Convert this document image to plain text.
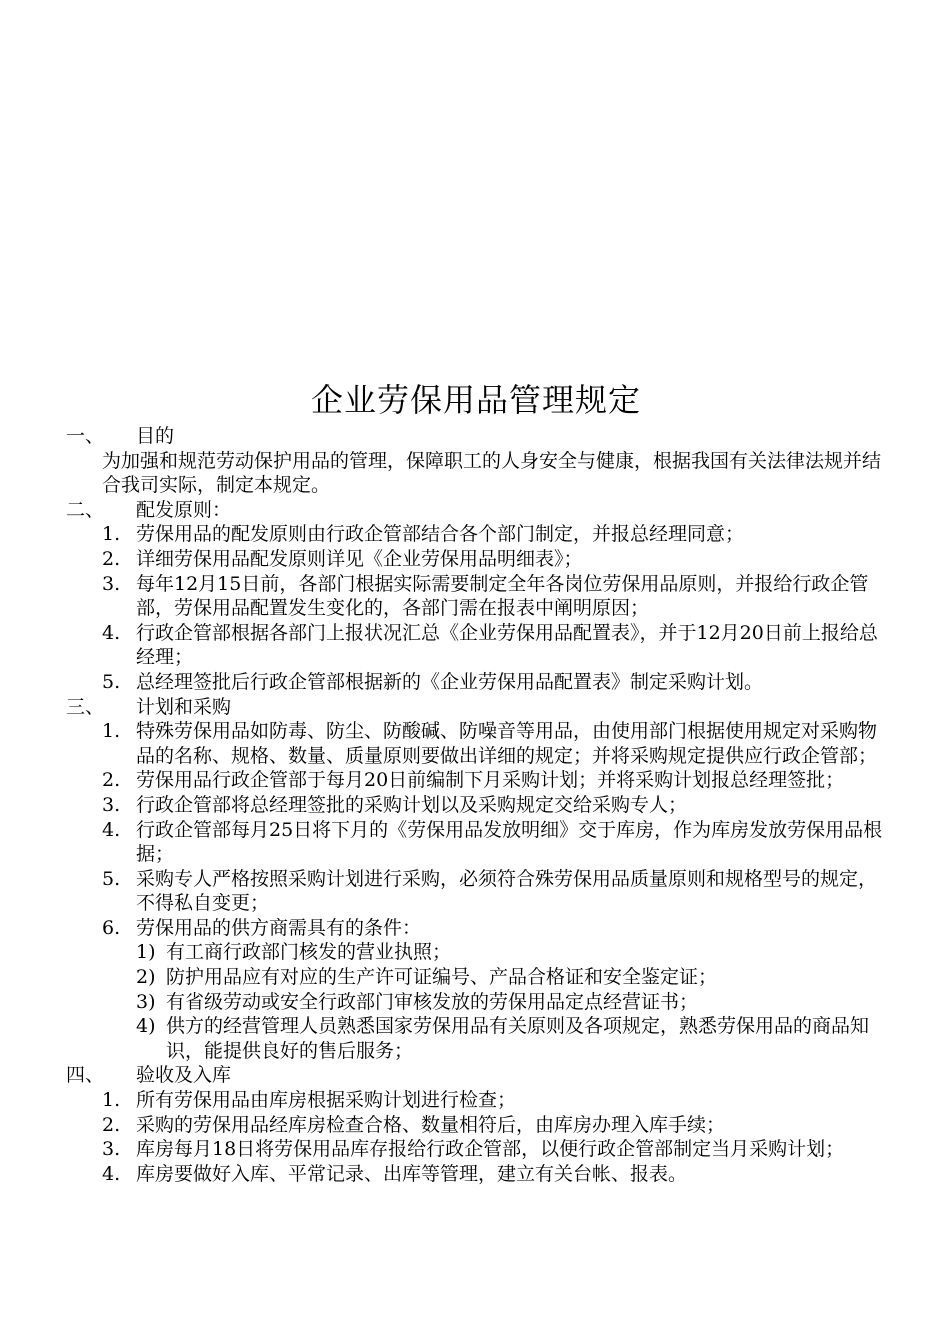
企业劳保用品管理规定
一、	目的
为加强和规范劳动保护用品的管理，保障职工的人身安全与健康，根据我国有关法律法规并结合我司实际，制定本规定。
二、	配发原则：
1. 劳保用品的配发原则由行政企管部结合各个部门制定，并报总经理同意；
2. 详细劳保用品配发原则详见《企业劳保用品明细表》；
3. 每年12月15日前，各部门根据实际需要制定全年各岗位劳保用品原则，并报给行政企管部，劳保用品配置发生变化的，各部门需在报表中阐明原因；
4. 行政企管部根据各部门上报状况汇总《企业劳保用品配置表》，并于12月20日前上报给总经理；
5. 总经理签批后行政企管部根据新的《企业劳保用品配置表》制定采购计划。
三、	计划和采购
1. 特殊劳保用品如防毒、防尘、防酸碱、防噪音等用品，由使用部门根据使用规定对采购物品的名称、规格、数量、质量原则要做出详细的规定；并将采购规定提供应行政企管部；
2. 劳保用品行政企管部于每月20日前编制下月采购计划；并将采购计划报总经理签批；
3. 行政企管部将总经理签批的采购计划以及采购规定交给采购专人；
4. 行政企管部每月25日将下月的《劳保用品发放明细》交于库房，作为库房发放劳保用品根据；
5. 采购专人严格按照采购计划进行采购，必须符合殊劳保用品质量原则和规格型号的规定，不得私自变更；
6. 劳保用品的供方商需具有的条件：
1) 有工商行政部门核发的营业执照；
2) 防护用品应有对应的生产许可证编号、产品合格证和安全鉴定证；
3) 有省级劳动或安全行政部门审核发放的劳保用品定点经营证书；
4) 供方的经营管理人员熟悉国家劳保用品有关原则及各项规定，熟悉劳保用品的商品知识，能提供良好的售后服务；
四、	验收及入库
1. 所有劳保用品由库房根据采购计划进行检查；
2. 采购的劳保用品经库房检查合格、数量相符后，由库房办理入库手续；
3. 库房每月18日将劳保用品库存报给行政企管部，以便行政企管部制定当月采购计划；
4. 库房要做好入库、平常记录、出库等管理，建立有关台帐、报表。
